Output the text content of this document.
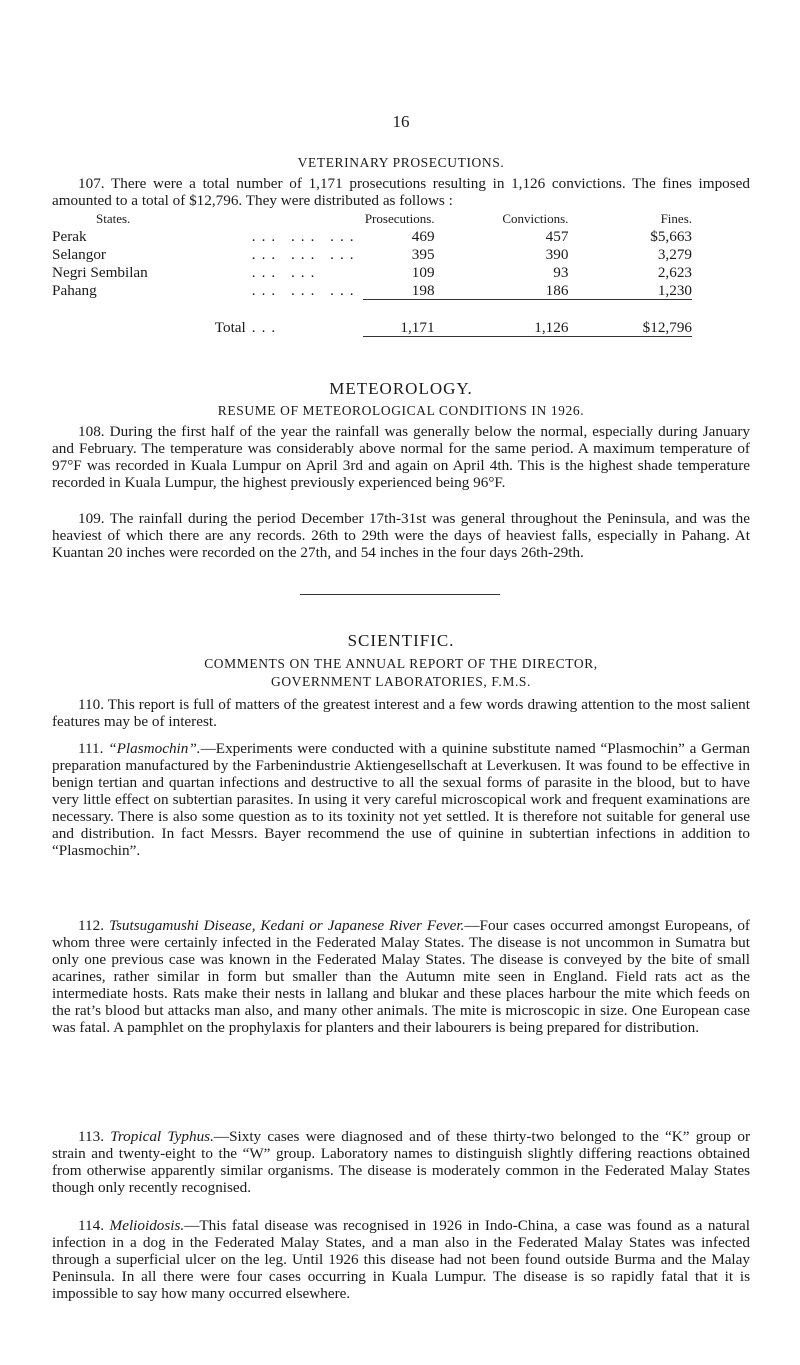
16
VETERINARY PROSECUTIONS.

107. There were a total number of 1,171 prosecutions resulting in 1,126 convictions. The fines imposed amounted to a total of $12,796. They were distributed as follows :

States.		Prosecutions.	Convictions.	Fines.
Perak	... ... ...	469	457	$5,663
Selangor	... ... ...	395	390	3,279
Negri Sembilan	... ...	109	93	2,623
Pahang	... ... ...	198	186	1,230

Total	...	1,171	1,126	$12,796

METEOROLOGY.
RESUME OF METEOROLOGICAL CONDITIONS IN 1926.

108. During the first half of the year the rainfall was generally below the normal, especially during January and February. The temperature was considerably above normal for the same period. A maximum temperature of 97°F was recorded in Kuala Lumpur on April 3rd and again on April 4th. This is the highest shade temperature recorded in Kuala Lumpur, the highest previously experienced being 96°F.

109. The rainfall during the period December 17th-31st was general throughout the Peninsula, and was the heaviest of which there are any records. 26th to 29th were the days of heaviest falls, especially in Pahang. At Kuantan 20 inches were recorded on the 27th, and 54 inches in the four days 26th-29th.

SCIENTIFIC.
COMMENTS ON THE ANNUAL REPORT OF THE DIRECTOR,
GOVERNMENT LABORATORIES, F.M.S.

110. This report is full of matters of the greatest interest and a few words drawing attention to the most salient features may be of interest.

111. “Plasmochin”.—Experiments were conducted with a quinine substitute named “Plasmochin” a German preparation manufactured by the Farbenindustrie Aktiengesellschaft at Leverkusen. It was found to be effective in benign tertian and quartan infections and destructive to all the sexual forms of parasite in the blood, but to have very little effect on subtertian parasites. In using it very careful microscopical work and frequent examinations are necessary. There is also some question as to its toxinity not yet settled. It is therefore not suitable for general use and distribution. In fact Messrs. Bayer recommend the use of quinine in subtertian infections in addition to “Plasmochin”.

112. Tsutsugamushi Disease, Kedani or Japanese River Fever.—Four cases occurred amongst Europeans, of whom three were certainly infected in the Federated Malay States. The disease is not uncommon in Sumatra but only one previous case was known in the Federated Malay States. The disease is conveyed by the bite of small acarines, rather similar in form but smaller than the Autumn mite seen in England. Field rats act as the intermediate hosts. Rats make their nests in lallang and blukar and these places harbour the mite which feeds on the rat’s blood but attacks man also, and many other animals. The mite is microscopic in size. One European case was fatal. A pamphlet on the prophylaxis for planters and their labourers is being prepared for distribution.

113. Tropical Typhus.—Sixty cases were diagnosed and of these thirty-two belonged to the “K” group or strain and twenty-eight to the “W” group. Laboratory names to distinguish slightly differing reactions obtained from otherwise apparently similar organisms. The disease is moderately common in the Federated Malay States though only recently recognised.

114. Melioidosis.—This fatal disease was recognised in 1926 in Indo-China, a case was found as a natural infection in a dog in the Federated Malay States, and a man also in the Federated Malay States was infected through a superficial ulcer on the leg. Until 1926 this disease had not been found outside Burma and the Malay Peninsula. In all there were four cases occurring in Kuala Lumpur. The disease is so rapidly fatal that it is impossible to say how many occurred elsewhere.
